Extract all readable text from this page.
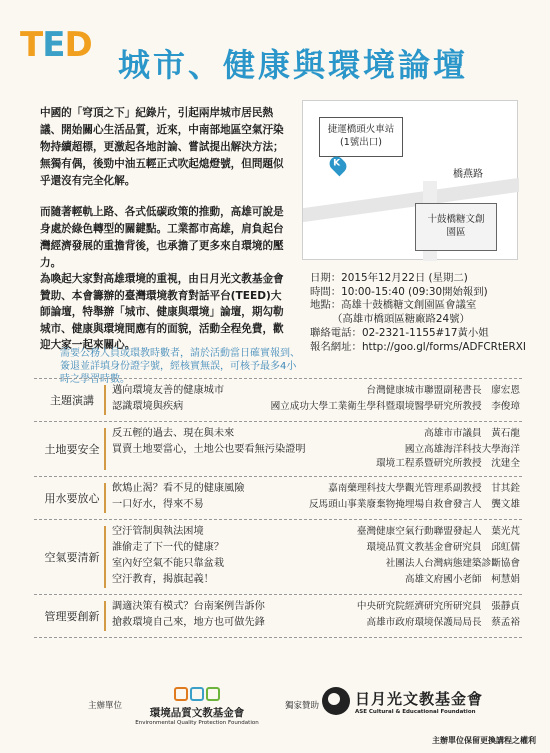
TED 城市、健康與環境論壇

中國的「穹頂之下」紀錄片，引起兩岸城市居民熱議、開始關心生活品質，近來，中南部地區空氣汙染物持續超標，更激起各地討論、嘗試提出解決方法；無獨有偶，後勁中油五輕正式吹起熄燈號，但問題似乎還沒有完全化解。

而隨著輕軌上路、各式低碳政策的推動，高雄可說是身處於綠色轉型的關鍵點。工業都市高雄，肩負起台灣經濟發展的重擔背後，也承擔了更多來自環境的壓力。

捷運橋頭火車站
(1號出口)
K
橋燕路
十鼓橋糖文創
園區
為喚起大家對高雄環境的重視，由日月光文教基金會贊助、本會籌辦的臺灣環境教育對話平台(TEED)大師論壇，特舉辦「城市、健康與環境」論壇，期勾勒城市、健康與環境間應有的面貌，活動全程免費，歡迎大家一起來關心。
日期：2015年12月22日 (星期二)
時間：10:00-15:40 (09:30開始報到)
地點：高雄十鼓橋糖文創園區會議室
（高雄市橋頭區糖廠路24號）
聯絡電話：02-2321-1155#17黃小姐
報名網址：http://goo.gl/forms/ADFCRtERXI
需要公務人員或環教時數者，請於活動當日確實報到、簽退並詳填身份證字號，經核實無誤，可核予最多4小時之學習時數。
主題演講
邁向環境友善的健康城市	台灣健康城市聯盟副秘書長　廖宏恩
認識環境與疾病	國立成功大學工業衛生學科暨環境醫學研究所教授　李俊璋
土地要安全
反五輕的過去、現在與未來	高雄市市議員　黃石龍
買賣土地要當心，土地公也要看無污染證明	國立高雄海洋科技大學海洋
環境工程系暨研究所教授　沈建全
用水要放心
飲鴆止渴？看不見的健康風險	嘉南藥理科技大學觀光管理系副教授　甘其銓
一口好水，得來不易	反馬頭山事業廢棄物掩埋場自救會發言人　龔文雄
空氣要清新
空汙管制與執法困境	臺灣健康空氣行動聯盟發起人　葉光芃
誰偷走了下一代的健康？	環境品質文教基金會研究員　邱虹儒
室內好空氣不能只靠盆栽	社團法人台灣病態建築診斷協會
空汙教育，揭旗起義！	高雄文府國小老師　柯慧娟
管理要創新
調適決策有模式？台南案例告訴你	中央研究院經濟研究所研究員　張靜貞
搶救環境自己來，地方也可做先鋒	高雄市政府環境保護局局長　蔡孟裕
主辦單位
環境品質文教基金會
Environmental Quality Protection Foundation
獨家贊助 日月光文教基金會
ASE Cultural & Educational Foundation
主辦單位保留更換講程之權利
